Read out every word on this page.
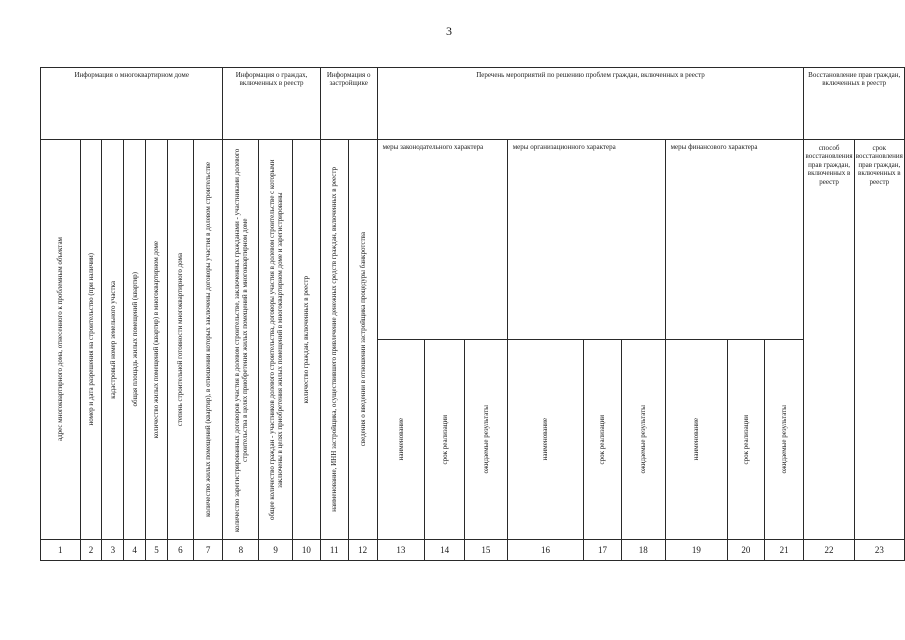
3
Информация о многоквартирном доме							Информация о граждах, включенных в реестр			Информация о застройщике		Перечень мероприятий по решению проблем граждан, включенных в реестр									Восстановление прав граждан, включенных в реестр	

адрес многоквартирного дома, отнесенного к проблемным объектам	номер и дата разрешения на строительство (при наличии)	кадастровый номер земельного участка	общая площадь жилых помещений (квартир)	количество жилых помещений (квартир) в многоквартирном доме	степень строительной готовности многоквартирного дома	количество жилых помещений (квартир), в отношении которых заключены договоры участия в долевом строительстве	количество зарегистрированных договоров участия в долевом строительстве, заключенных гражданами - участниками долевого строительства в целях приобретения жилых помещений в многоквартирном доме	общее количество граждан - участников долевого строительства, договоры участия в долевом строительстве с которыми заключены в целях приобретения жилых помещений в многоквартирном доме и зарегистрированы	количество граждан, включенных в реестр	наименование, ИНН застройщика, осуществившего привлечение денежных средств граждан, включенных в реестр	сведения о введении в отношении застройщика процедуры банкротства	меры законодательного характера			меры организационного характера			меры финансового характера			способ восстановления прав граждан, включенных в реестр	срок восстановления прав граждан, включенных в реестр

												наименование	срок реализации	ожидаемые результаты	наименование	срок реализации	ожидаемые результаты	наименование	срок реализации	ожидаемые результаты		

1	2	3	4	5	6	7	8	9	10	11	12	13	14	15	16	17	18	19	20	21	22	23
